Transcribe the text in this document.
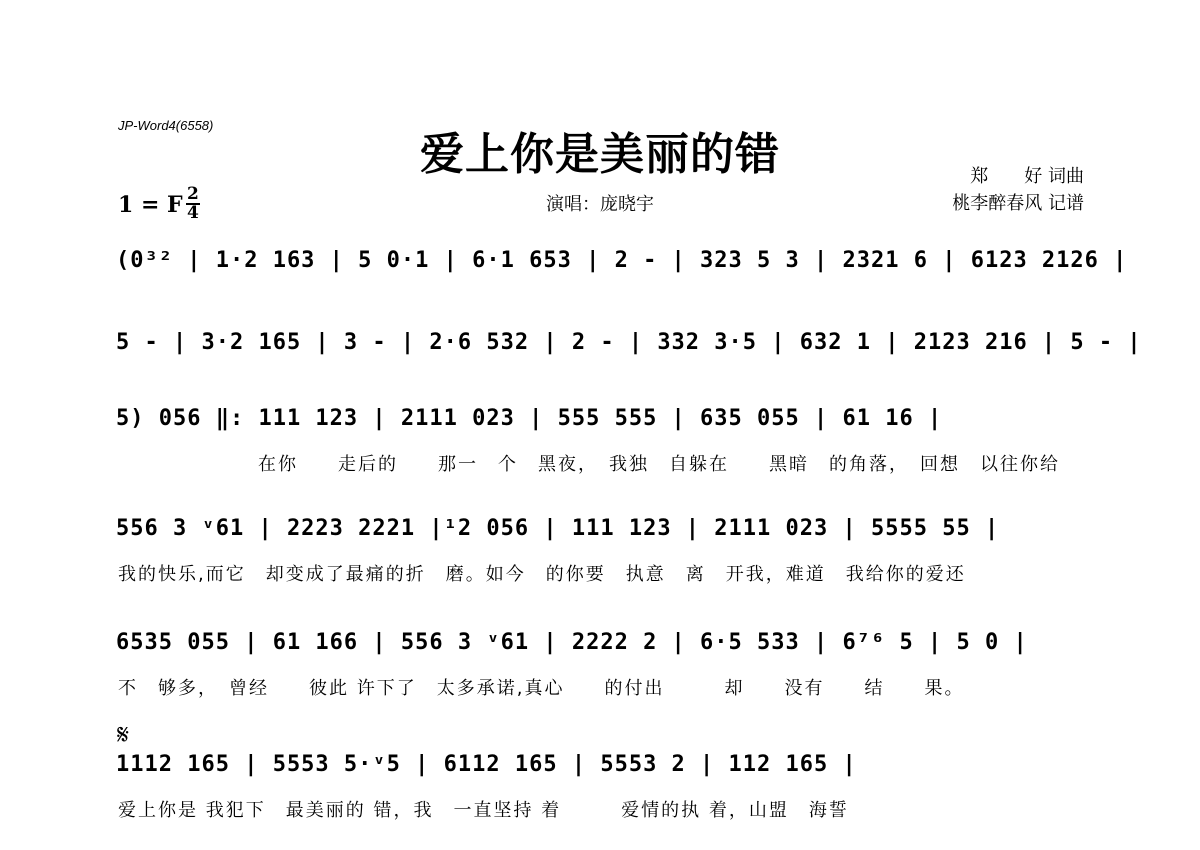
JP-Word4(6558)
爱上你是美丽的错	郑　　好 词曲
桃李醉春风 记谱
演唱：庞晓宇
1 = F $\frac{2}{4}$
(0³² | 1·2 163 | 5 0·1 | 6·1 653 | 2 - | 323 5 3 | 2321 6 | 6123 2126 |
5 - | 3·2 165 | 3 - | 2·6 532 | 2 - | 332 3·5 | 632 1 | 2123 216 | 5 - |
5) 056 ‖: 111 123 | 2111 023 | 555 555 | 635 055 | 61 16 |
　　　　　　　在你　　走后的　　那一　个　黑夜，　我独　自躲在　　黑暗　的角落，　回想　以往你给
556 3 ᵛ61 | 2223 2221 |¹2 056 | 111 123 | 2111 023 | 5555 55 |
我的快乐,而它　却变成了最痛的折　磨。如今　的你要　执意　离　开我，难道　我给你的爱还
6535 055 | 61 166 | 556 3 ᵛ61 | 2222 2 | 6·5 533 | 6⁷⁶ 5 | 5 0 |
不　够多，　曾经　　彼此 许下了　太多承诺,真心　　的付出　　　却　　没有　　结　　果。
𝄋
1112 165 | 5553 5·ᵛ5 | 6112 165 | 5553 2 | 112 165 |
爱上你是 我犯下　最美丽的 错，我　一直坚持 着　　　爱情的执 着，山盟　海誓
